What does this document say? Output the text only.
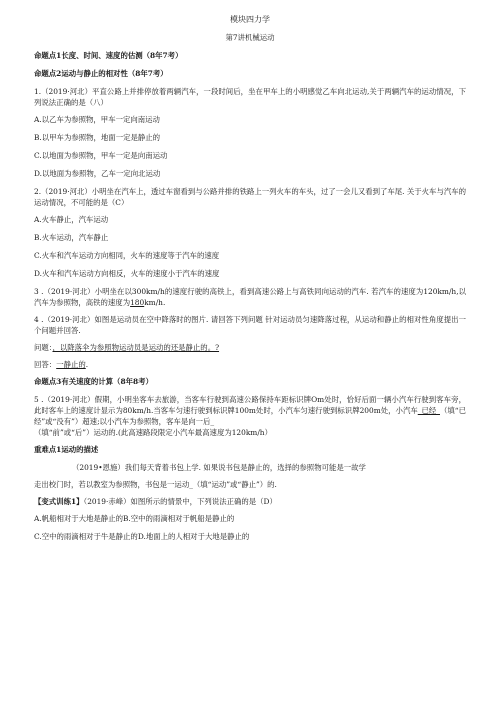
模块四力学
第7讲机械运动
命题点1长度、时间、速度的估测（8年7考）
命题点2运动与静止的相对性（8年7考）
1.（2019·河北）平直公路上并排停放着两辆汽车，一段时间后，坐在甲车上的小明感觉乙车向北运动,关于两辆汽车的运动情况，下列说法正确的是（八）
A.以乙车为参照物，甲车一定向南运动
B.以甲车为参照物，地面一定是静止的
C.以地面为参照物，甲车一定是向南运动
D.以地面为参照物，乙车一定向北运动
2.（2019·河北）小明坐在汽车上，透过车窗看到与公路并排的铁路上一列火车的车头，过了一会儿又看到了车尾. 关于火车与汽车的运动情况，不可能的是（C）
A.火车静止，汽车运动
B.火车运动，汽车静止
C.火车和汽车运动方向相同，火车的速度等于汽车的速度
D.火车和汽车运动方向相反，火车的速度小于汽车的速度
3 .（2019·河北）小明坐在以300km/h的速度行驶的高铁上，看到高速公路上与高铁同向运动的汽车. 若汽车的速度为120km/h,以汽车为参照物，高铁的速度为180km/h.
4 .（2019·河北）如图是运动员在空中降落时的图片. 请回答下列问题 针对运动员匀速降落过程，从运动和静止的相对性角度提出一个问题并回答.
问题：，以降落伞为参照物运动员是运动的还是静止的。?
回答：一静止的.
命题点3有关速度的计算（8年8考）
5 .（2019·河北）假期，小明坐客车去旅游，当客车行驶到高速公路保持车距标识牌Om处时，恰好后面一辆小汽车行驶到客车旁，此时客车上的速度计显示为80km/h.当客车匀速行驶到标识牌100m处时，小汽车匀速行驶到标识牌200m处，小汽车_已经_（填“已经”或“没有”）超速;以小汽车为参照物，客车是向一后_
（填“前”或“后”）运动的.(此高速路段限定小汽车最高速度为120km/h）
重难点1运动的描述
（2019•恩施）我们每天背着书包上学. 如果说书包是静止的，选择的参照物可能是一故学
走出校门时，若以教室为参照物，书包是一运动_（填“运动”或“静止”）的.
【变式训练1】（2019·赤峰）如图所示的情景中，下列说法正确的是（D）
A.帆船相对于大地是静止的B.空中的雨滴相对于帆船是静止的
C.空中的雨滴相对于牛是静止的D.地面上的人相对于大地是静止的
